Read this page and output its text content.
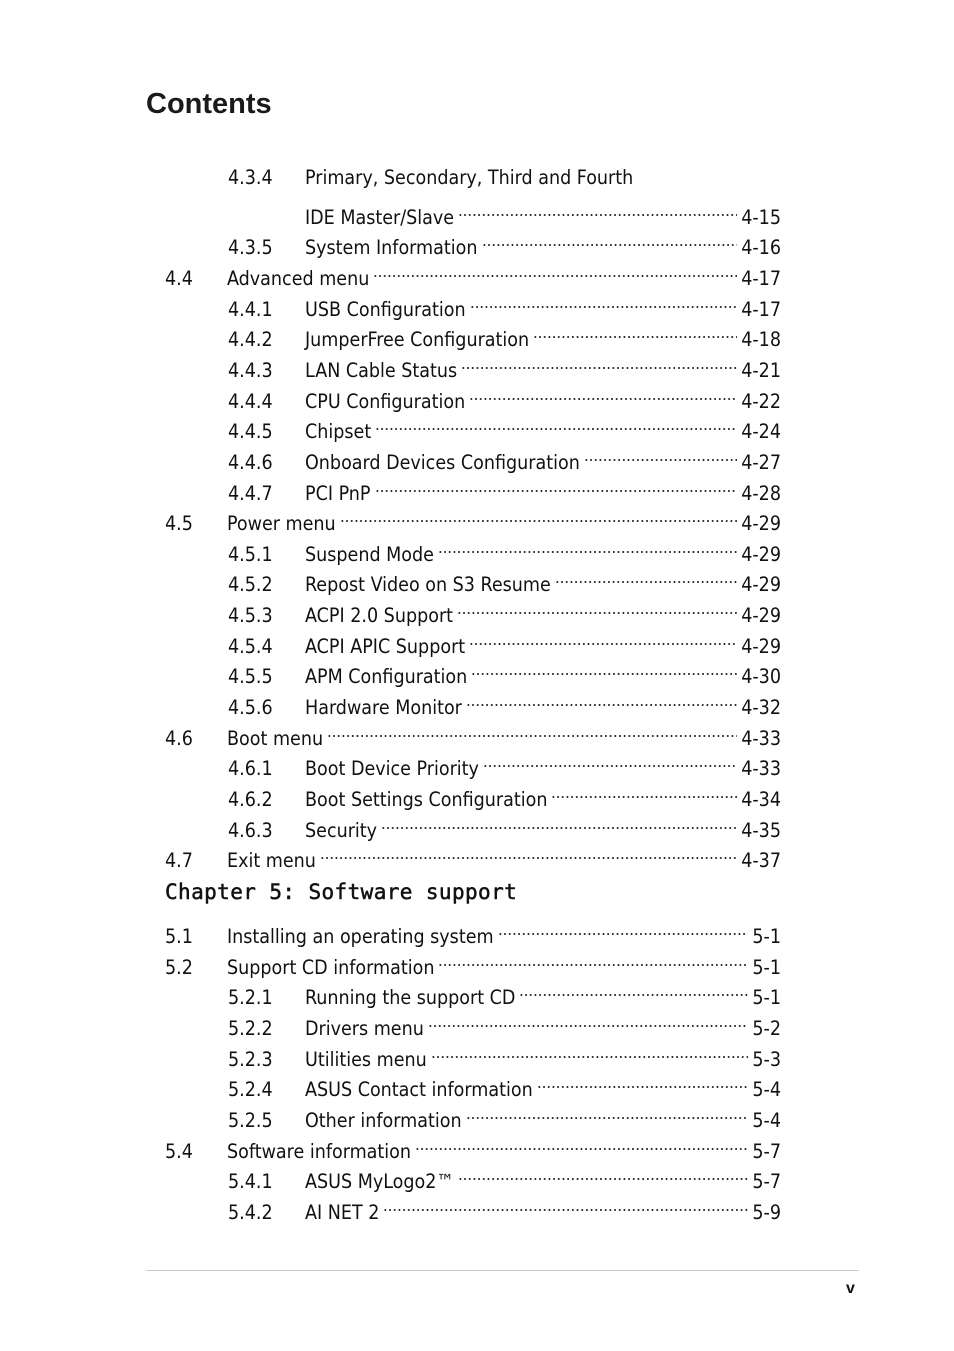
Contents
4.3.4	Primary, Secondary, Third and Fourth
IDE Master/Slave	4-15
4.3.5	System Information	4-16
4.4	Advanced menu	4-17
4.4.1	USB Configuration	4-17
4.4.2	JumperFree Configuration	4-18
4.4.3	LAN Cable Status	4-21
4.4.4	CPU Configuration	4-22
4.4.5	Chipset	4-24
4.4.6	Onboard Devices Configuration	4-27
4.4.7	PCI PnP	4-28
4.5	Power menu	4-29
4.5.1	Suspend Mode	4-29
4.5.2	Repost Video on S3 Resume	4-29
4.5.3	ACPI 2.0 Support	4-29
4.5.4	ACPI APIC Support	4-29
4.5.5	APM Configuration	4-30
4.5.6	Hardware Monitor	4-32
4.6	Boot menu	4-33
4.6.1	Boot Device Priority	4-33
4.6.2	Boot Settings Configuration	4-34
4.6.3	Security	4-35
4.7	Exit menu	4-37
Chapter 5: Software support
5.1	Installing an operating system	5-1
5.2	Support CD information	5-1
5.2.1	Running the support CD	5-1
5.2.2	Drivers menu	5-2
5.2.3	Utilities menu	5-3
5.2.4	ASUS Contact information	5-4
5.2.5	Other information	5-4
5.4	Software information	5-7
5.4.1	ASUS MyLogo2™	5-7
5.4.2	AI NET 2	5-9
v
